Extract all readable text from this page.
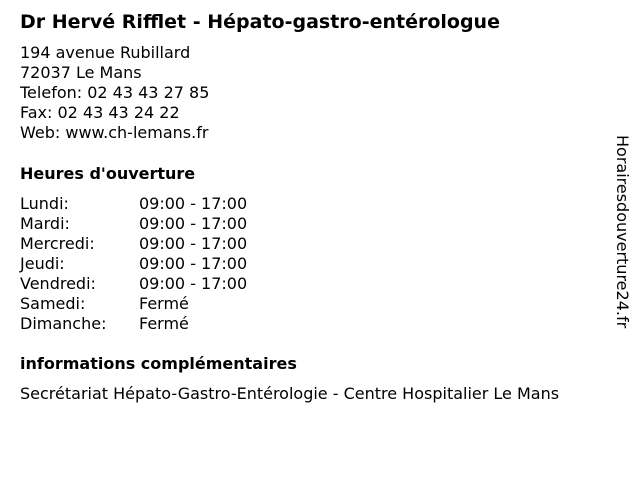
Dr Hervé Rifflet - Hépato-gastro-entérologue
194 avenue Rubillard
72037 Le Mans
Telefon: 02 43 43 27 85
Fax: 02 43 43 24 22
Web: www.ch-lemans.fr
Heures d'ouverture
Lundi:	09:00 - 17:00
Mardi:	09:00 - 17:00
Mercredi:	09:00 - 17:00
Jeudi:	09:00 - 17:00
Vendredi:	09:00 - 17:00
Samedi:	Fermé
Dimanche:	Fermé
informations complémentaires
Secrétariat Hépato-Gastro-Entérologie - Centre Hospitalier Le Mans
Horairesdouverture24.fr
